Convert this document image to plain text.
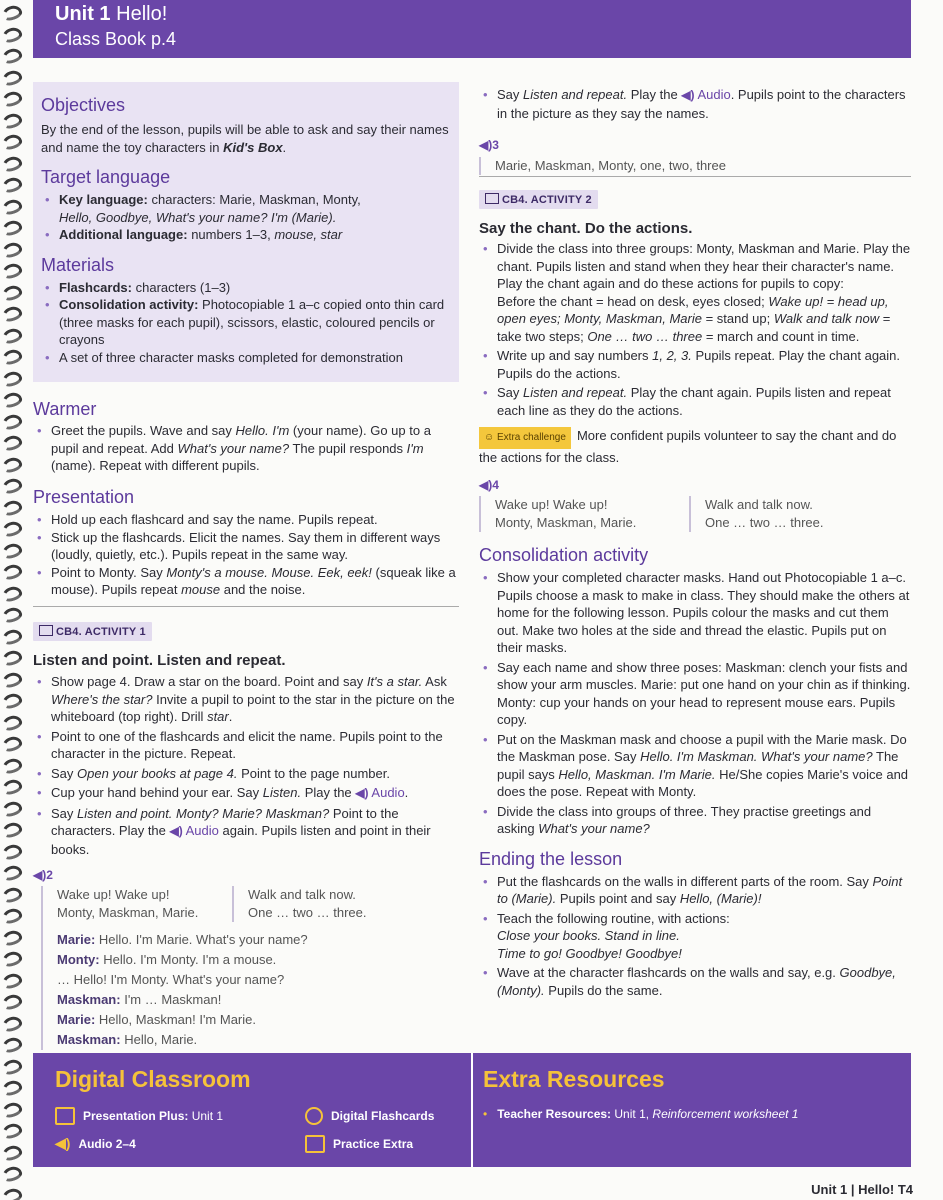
Unit 1 Hello!
Class Book p.4
Objectives

By the end of the lesson, pupils will be able to ask and say their names and name the toy characters in Kid's Box.

Target language
• Key language: characters: Marie, Maskman, Monty,
Hello, Goodbye, What's your name? I'm (Marie).
• Additional language: numbers 1–3, mouse, star
Materials
• Flashcards: characters (1–3)
• Consolidation activity: Photocopiable 1 a–c copied onto thin card (three masks for each pupil), scissors, elastic, coloured pencils or crayons
• A set of three character masks completed for demonstration
Warmer
• Greet the pupils. Wave and say Hello. I'm (your name). Go up to a pupil and repeat. Add What's your name? The pupil responds I'm (name). Repeat with different pupils.
Presentation
• Hold up each flashcard and say the name. Pupils repeat.
• Stick up the flashcards. Elicit the names. Say them in different ways (loudly, quietly, etc.). Pupils repeat in the same way.
• Point to Monty. Say Monty's a mouse. Mouse. Eek, eek! (squeak like a mouse). Pupils repeat mouse and the noise.
CB4. ACTIVITY 1
Listen and point. Listen and repeat.
• Show page 4. Draw a star on the board. Point and say It's a star. Ask Where's the star? Invite a pupil to point to the star in the picture on the whiteboard (top right). Drill star.
• Point to one of the flashcards and elicit the name. Pupils point to the character in the picture. Repeat.
• Say Open your books at page 4. Point to the page number.
• Cup your hand behind your ear. Say Listen. Play the ◀) Audio.
• Say Listen and point. Monty? Marie? Maskman? Point to the characters. Play the ◀) Audio again. Pupils listen and point in their books.
◀)2
Wake up! Wake up!
Monty, Maskman, Marie.
Walk and talk now.
One … two … three.
Marie: Hello. I'm Marie. What's your name?
Monty: Hello. I'm Monty. I'm a mouse.
… Hello! I'm Monty. What's your name?
Maskman: I'm … Maskman!
Marie: Hello, Maskman! I'm Marie.
Maskman: Hello, Marie.
• Say Listen and repeat. Play the ◀) Audio. Pupils point to the characters in the picture as they say the names.
◀)3
Marie, Maskman, Monty, one, two, three
CB4. ACTIVITY 2
Say the chant. Do the actions.
• Divide the class into three groups: Monty, Maskman and Marie. Play the chant. Pupils listen and stand when they hear their character's name. Play the chant again and do these actions for pupils to copy:
Before the chant = head on desk, eyes closed; Wake up! = head up, open eyes; Monty, Maskman, Marie = stand up; Walk and talk now = take two steps; One … two … three = march and count in time.
• Write up and say numbers 1, 2, 3. Pupils repeat. Play the chant again. Pupils do the actions.
• Say Listen and repeat. Play the chant again. Pupils listen and repeat each line as they do the actions.

☺ Extra challenge More confident pupils volunteer to say the chant and do the actions for the class.

◀)4
Wake up! Wake up!
Monty, Maskman, Marie.
Walk and talk now.
One … two … three.
Consolidation activity
• Show your completed character masks. Hand out Photocopiable 1 a–c. Pupils choose a mask to make in class. They should make the others at home for the following lesson. Pupils colour the masks and cut them out. Make two holes at the side and thread the elastic. Pupils put on their masks.
• Say each name and show three poses: Maskman: clench your fists and show your arm muscles. Marie: put one hand on your chin as if thinking. Monty: cup your hands on your head to represent mouse ears. Pupils copy.
• Put on the Maskman mask and choose a pupil with the Marie mask. Do the Maskman pose. Say Hello. I'm Maskman. What's your name? The pupil says Hello, Maskman. I'm Marie. He/She copies Marie's voice and does the pose. Repeat with Monty.
• Divide the class into groups of three. They practise greetings and asking What's your name?
Ending the lesson
• Put the flashcards on the walls in different parts of the room. Say Point to (Marie). Pupils point and say Hello, (Marie)!
• Teach the following routine, with actions:
Close your books. Stand in line.
Time to go! Goodbye! Goodbye!
• Wave at the character flashcards on the walls and say, e.g. Goodbye, (Monty). Pupils do the same.
Digital Classroom
Presentation Plus:
Unit 1
◀) Audio 2–4
Digital Flashcards
Practice Extra
Extra Resources
• Teacher Resources: Unit 1, Reinforcement worksheet 1
Unit 1 | Hello! T4
